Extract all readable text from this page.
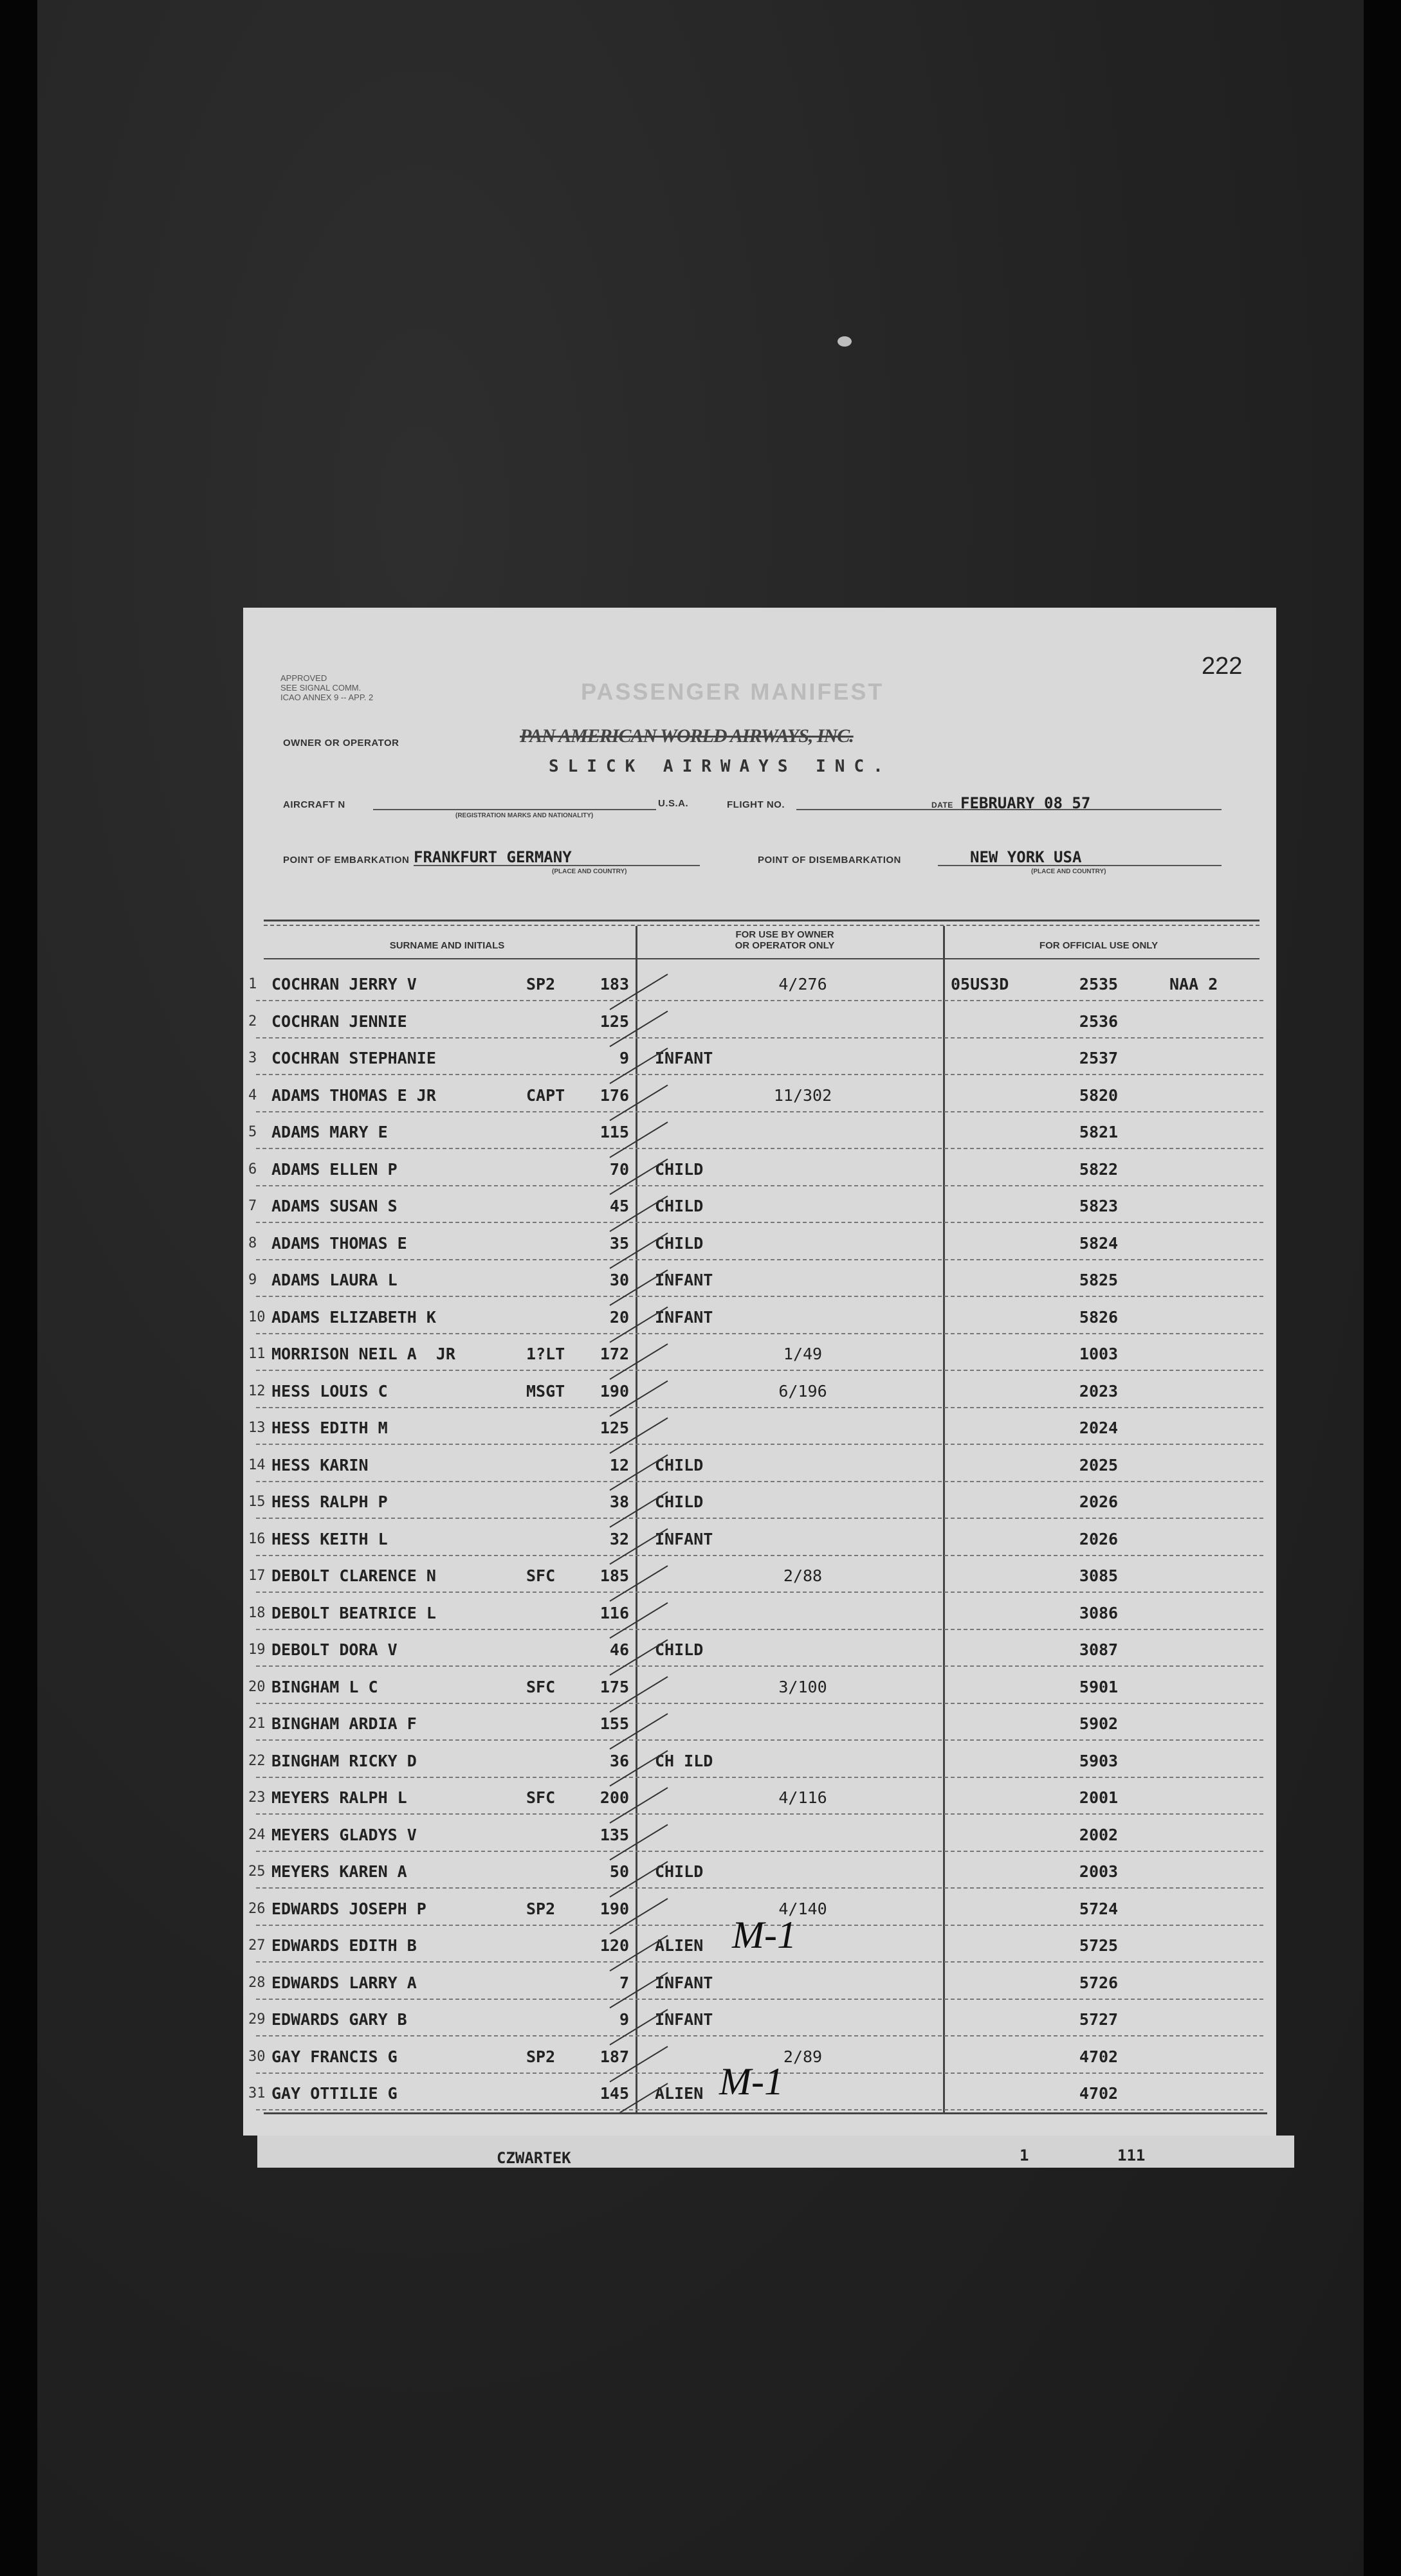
APPROVED
SEE SIGNAL COMM.
ICAO ANNEX 9 -- APP. 2
222
PASSENGER MANIFEST
OWNER OR OPERATOR	PAN AMERICAN WORLD AIRWAYS, INC.
SLICK AIRWAYS INC.
AIRCRAFT N
(REGISTRATION MARKS AND NATIONALITY)
U.S.A.	FLIGHT NO.	DATE FEBRUARY 08 57
POINT OF EMBARKATION FRANKFURT GERMANY
(PLACE AND COUNTRY)
POINT OF DISEMBARKATION	NEW YORK USA
(PLACE AND COUNTRY)
SURNAME AND INITIALS
FOR USE BY OWNER
OR OPERATOR ONLY	FOR OFFICIAL USE ONLY
1 COCHRAN JERRY V	SP2	183	4/276	05US3D	2535	NAA 2
2 COCHRAN JENNIE	125	2536
3 COCHRAN STEPHANIE	9 INFANT	2537
4 ADAMS THOMAS E JR	CAPT	176	11/302	5820
5 ADAMS MARY E	115	5821
6 ADAMS ELLEN P	70 CHILD	5822
7 ADAMS SUSAN S	45 CHILD	5823
8 ADAMS THOMAS E	35 CHILD	5824
9 ADAMS LAURA L	30 INFANT	5825
10 ADAMS ELIZABETH K	20 INFANT	5826
11 MORRISON NEIL A  JR	1?LT	172	1/49	1003
12 HESS LOUIS C	MSGT	190	6/196	2023
13 HESS EDITH M	125	2024
14 HESS KARIN	12 CHILD	2025
15 HESS RALPH P	38 CHILD	2026
16 HESS KEITH L	32 INFANT	2026
17 DEBOLT CLARENCE N	SFC	185	2/88	3085
18 DEBOLT BEATRICE L	116	3086
19 DEBOLT DORA V	46 CHILD	3087
20 BINGHAM L C	SFC	175	3/100	5901
21 BINGHAM ARDIA F	155	5902
22 BINGHAM RICKY D	36 CH ILD	5903
23 MEYERS RALPH L	SFC	200	4/116	2001
24 MEYERS GLADYS V	135	2002
25 MEYERS KAREN A	50 CHILD	2003
26 EDWARDS JOSEPH P	SP2	190	4/140	5724
27 EDWARDS EDITH B	120 ALIEN	5725
28 EDWARDS LARRY A	7 INFANT	5726
29 EDWARDS GARY B	9 INFANT	5727
30 GAY FRANCIS G	SP2	187	2/89	4702
31 GAY OTTILIE G	145 ALIEN	4702
M-1
M-1
CZWARTEK	1	111
